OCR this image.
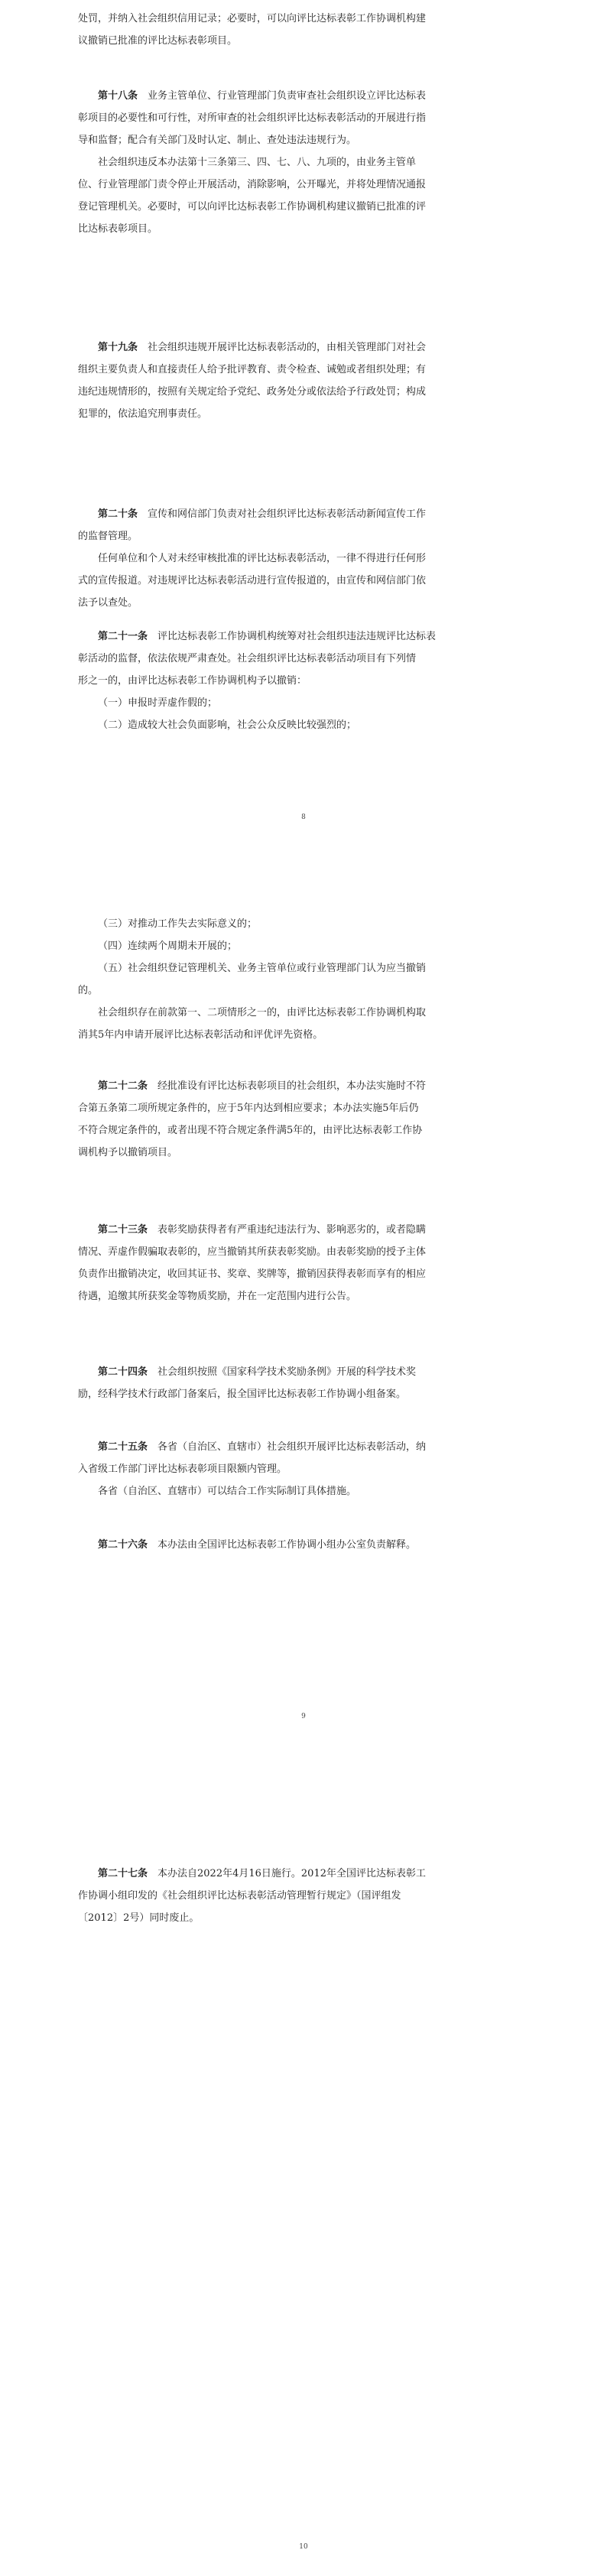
处罚，并纳入社会组织信用记录；必要时，可以向评比达标表彰工作协调机构建

议撤销已批准的评比达标表彰项目。

第十八条　业务主管单位、行业管理部门负责审查社会组织设立评比达标表

彰项目的必要性和可行性，对所审查的社会组织评比达标表彰活动的开展进行指

导和监督；配合有关部门及时认定、制止、查处违法违规行为。

社会组织违反本办法第十三条第三、四、七、八、九项的，由业务主管单

位、行业管理部门责令停止开展活动，消除影响，公开曝光，并将处理情况通报

登记管理机关。必要时，可以向评比达标表彰工作协调机构建议撤销已批准的评

比达标表彰项目。

第十九条　社会组织违规开展评比达标表彰活动的，由相关管理部门对社会

组织主要负责人和直接责任人给予批评教育、责令检查、诫勉或者组织处理；有

违纪违规情形的，按照有关规定给予党纪、政务处分或依法给予行政处罚；构成

犯罪的，依法追究刑事责任。

第二十条　宣传和网信部门负责对社会组织评比达标表彰活动新闻宣传工作

的监督管理。

任何单位和个人对未经审核批准的评比达标表彰活动，一律不得进行任何形

式的宣传报道。对违规评比达标表彰活动进行宣传报道的，由宣传和网信部门依

法予以查处。

第二十一条　评比达标表彰工作协调机构统筹对社会组织违法违规评比达标表

彰活动的监督，依法依规严肃查处。社会组织评比达标表彰活动项目有下列情

形之一的，由评比达标表彰工作协调机构予以撤销：

（一）申报时弄虚作假的；

（二）造成较大社会负面影响，社会公众反映比较强烈的；

8

（三）对推动工作失去实际意义的；

（四）连续两个周期未开展的；

（五）社会组织登记管理机关、业务主管单位或行业管理部门认为应当撤销

的。

社会组织存在前款第一、二项情形之一的，由评比达标表彰工作协调机构取

消其5年内申请开展评比达标表彰活动和评优评先资格。

第二十二条　经批准设有评比达标表彰项目的社会组织，本办法实施时不符

合第五条第二项所规定条件的，应于5年内达到相应要求；本办法实施5年后仍

不符合规定条件的，或者出现不符合规定条件满5年的，由评比达标表彰工作协

调机构予以撤销项目。

第二十三条　表彰奖励获得者有严重违纪违法行为、影响恶劣的，或者隐瞒

情况、弄虚作假骗取表彰的，应当撤销其所获表彰奖励。由表彰奖励的授予主体

负责作出撤销决定，收回其证书、奖章、奖牌等，撤销因获得表彰而享有的相应

待遇，追缴其所获奖金等物质奖励，并在一定范围内进行公告。

第二十四条　社会组织按照《国家科学技术奖励条例》开展的科学技术奖

励，经科学技术行政部门备案后，报全国评比达标表彰工作协调小组备案。

第二十五条　各省（自治区、直辖市）社会组织开展评比达标表彰活动，纳

入省级工作部门评比达标表彰项目限额内管理。

各省（自治区、直辖市）可以结合工作实际制订具体措施。

第二十六条　本办法由全国评比达标表彰工作协调小组办公室负责解释。

9

第二十七条　本办法自2022年4月16日施行。2012年全国评比达标表彰工

作协调小组印发的《社会组织评比达标表彰活动管理暂行规定》（国评组发

〔2012〕2号）同时废止。

10
